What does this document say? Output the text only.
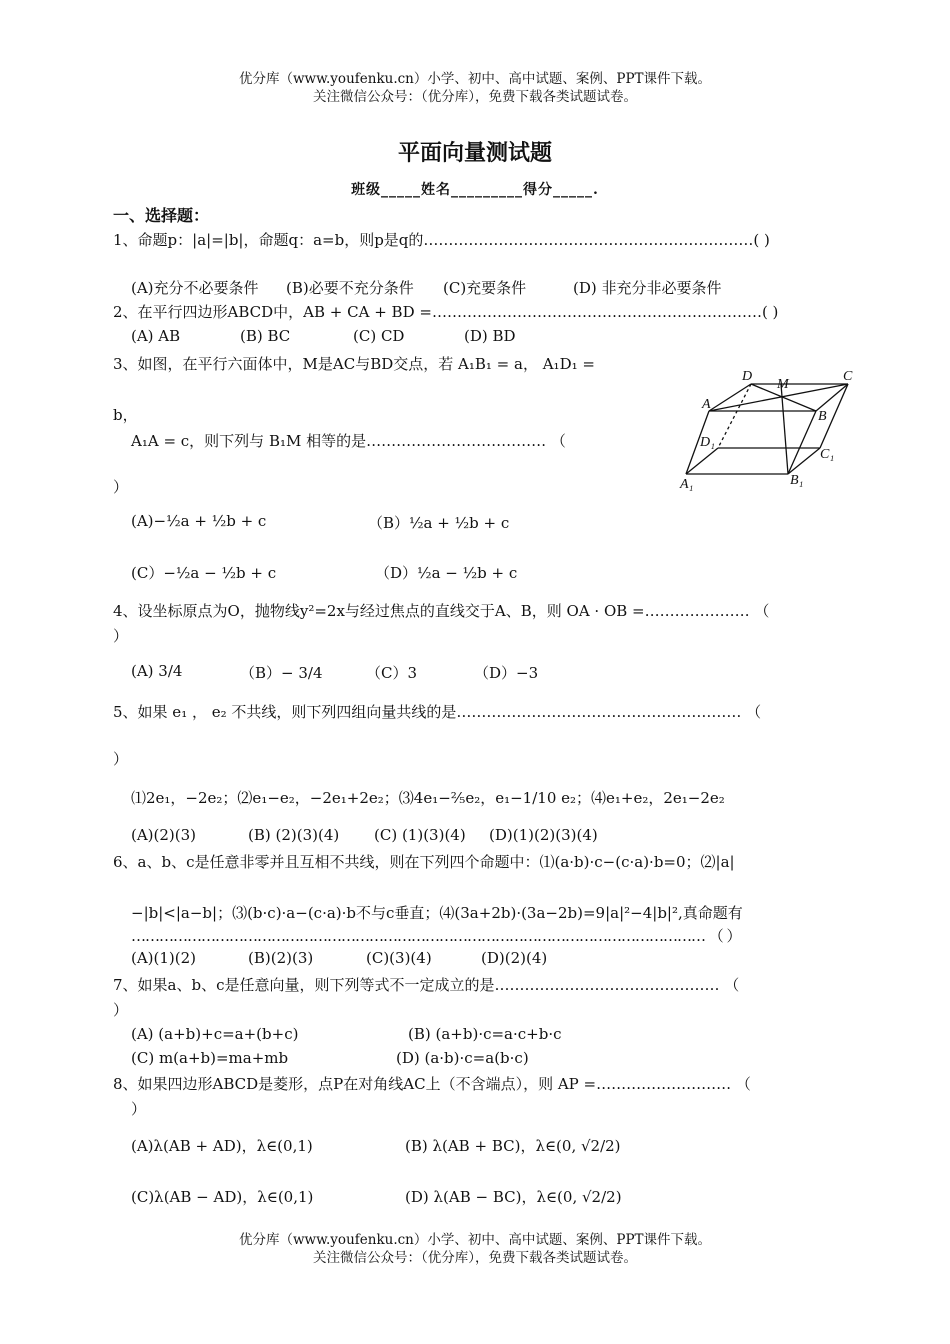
优分库（www.youfenku.cn）小学、初中、高中试题、案例、PPT课件下载。
关注微信公众号：（优分库），免费下载各类试题试卷。
平面向量测试题
班级_____姓名_________得分_____.
一、选择题：
1、命题p：|a|=|b|，命题q：a=b，则p是q的…………………………………………………………( )
(A)充分不必要条件 (B)必要不充分条件 (C)充要条件	(D) 非充分非必要条件
2、在平行四边形ABCD中，AB + CA + BD =…………………………………………………………( )
(A) AB	(B) BC	(C) CD	(D) BD
3、如图，在平行六面体中，M是AC与BD交点，若 A₁B₁ = a， A₁D₁ =
b，
A₁A = c，则下列与 B₁M 相等的是……………………………… （
）
(A)−½a + ½b + c	（B）½a + ½b + c
(C）−½a − ½b + c	（D）½a − ½b + c
D
M
C
A
B
D₁
C₁
A₁	B₁
4、设坐标原点为O，抛物线y²=2x与经过焦点的直线交于A、B，则 OA · OB =………………… （
）
(A) 3/4	（B）− 3/4	（C）3	（D）−3
5、如果 e₁ ， e₂ 不共线，则下列四组向量共线的是………………………………………………… （
）
⑴2e₁，−2e₂；⑵e₁−e₂，−2e₁+2e₂；⑶4e₁−⅖e₂，e₁−1/10 e₂；⑷e₁+e₂，2e₁−2e₂
(A)(2)(3)	(B) (2)(3)(4) (C) (1)(3)(4) (D)(1)(2)(3)(4)
6、a、b、c是任意非零并且互相不共线，则在下列四个命题中：⑴(a·b)·c−(c·a)·b=0；⑵|a|
−|b|<|a−b|；⑶(b·c)·a−(c·a)·b不与c垂直；⑷(3a+2b)·(3a−2b)=9|a|²−4|b|²,真命题有
…………………………………………………………………………………………………………… （ ）
(A)(1)(2)	(B)(2)(3)	(C)(3)(4)	(D)(2)(4)
7、如果a、b、c是任意向量，则下列等式不一定成立的是……………………………………… （
）
(A) (a+b)+c=a+(b+c)	(B) (a+b)·c=a·c+b·c
(C) m(a+b)=ma+mb	(D) (a·b)·c=a(b·c)
8、如果四边形ABCD是菱形，点P在对角线AC上（不含端点），则 AP =……………………… （
）
(A)λ(AB + AD)，λ∈(0,1)	(B) λ(AB + BC)，λ∈(0, √2/2)
(C)λ(AB − AD)，λ∈(0,1)	(D) λ(AB − BC)，λ∈(0, √2/2)
优分库（www.youfenku.cn）小学、初中、高中试题、案例、PPT课件下载。
关注微信公众号：（优分库），免费下载各类试题试卷。
